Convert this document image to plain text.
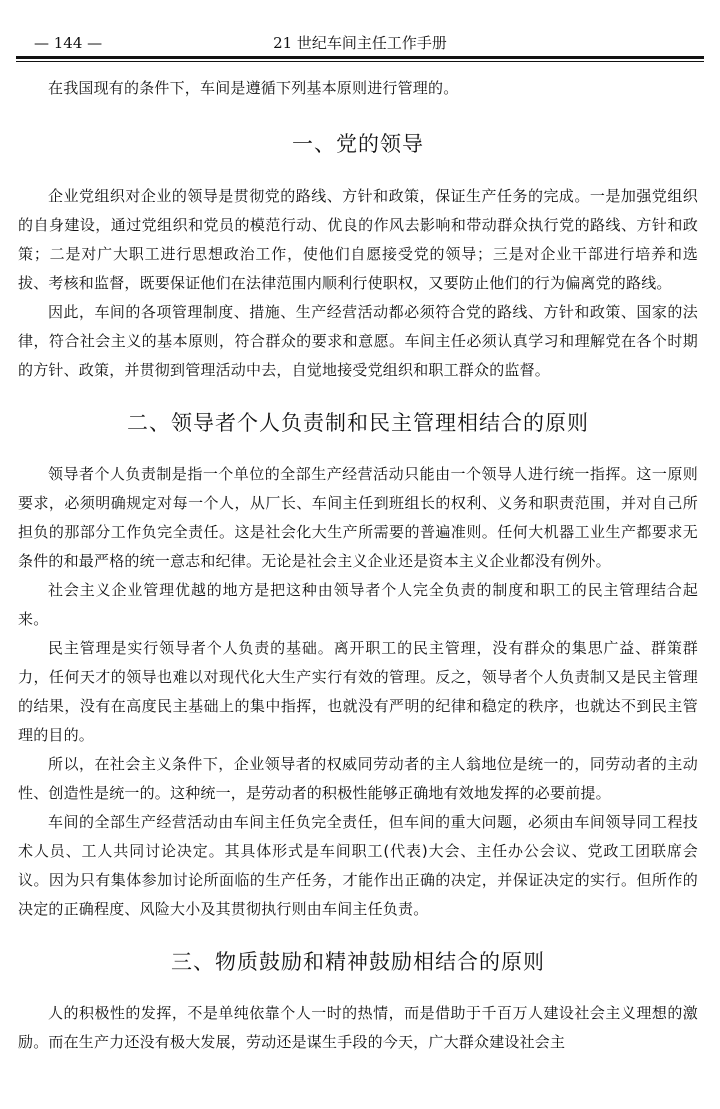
— 144 —	21 世纪车间主任工作手册

在我国现有的条件下，车间是遵循下列基本原则进行管理的。

一、党的领导

企业党组织对企业的领导是贯彻党的路线、方针和政策，保证生产任务的完成。一是加强党组织的自身建设，通过党组织和党员的模范行动、优良的作风去影响和带动群众执行党的路线、方针和政策；二是对广大职工进行思想政治工作，使他们自愿接受党的领导；三是对企业干部进行培养和选拔、考核和监督，既要保证他们在法律范围内顺利行使职权，又要防止他们的行为偏离党的路线。

因此，车间的各项管理制度、措施、生产经营活动都必须符合党的路线、方针和政策、国家的法律，符合社会主义的基本原则，符合群众的要求和意愿。车间主任必须认真学习和理解党在各个时期的方针、政策，并贯彻到管理活动中去，自觉地接受党组织和职工群众的监督。

二、领导者个人负责制和民主管理相结合的原则

领导者个人负责制是指一个单位的全部生产经营活动只能由一个领导人进行统一指挥。这一原则要求，必须明确规定对每一个人，从厂长、车间主任到班组长的权利、义务和职责范围，并对自己所担负的那部分工作负完全责任。这是社会化大生产所需要的普遍准则。任何大机器工业生产都要求无条件的和最严格的统一意志和纪律。无论是社会主义企业还是资本主义企业都没有例外。

社会主义企业管理优越的地方是把这种由领导者个人完全负责的制度和职工的民主管理结合起来。

民主管理是实行领导者个人负责的基础。离开职工的民主管理，没有群众的集思广益、群策群力，任何天才的领导也难以对现代化大生产实行有效的管理。反之，领导者个人负责制又是民主管理的结果，没有在高度民主基础上的集中指挥，也就没有严明的纪律和稳定的秩序，也就达不到民主管理的目的。

所以，在社会主义条件下，企业领导者的权威同劳动者的主人翁地位是统一的，同劳动者的主动性、创造性是统一的。这种统一，是劳动者的积极性能够正确地有效地发挥的必要前提。

车间的全部生产经营活动由车间主任负完全责任，但车间的重大问题，必须由车间领导同工程技术人员、工人共同讨论决定。其具体形式是车间职工(代表)大会、主任办公会议、党政工团联席会议。因为只有集体参加讨论所面临的生产任务，才能作出正确的决定，并保证决定的实行。但所作的决定的正确程度、风险大小及其贯彻执行则由车间主任负责。

三、物质鼓励和精神鼓励相结合的原则

人的积极性的发挥，不是单纯依靠个人一时的热情，而是借助于千百万人建设社会主义理想的激励。而在生产力还没有极大发展，劳动还是谋生手段的今天，广大群众建设社会主
